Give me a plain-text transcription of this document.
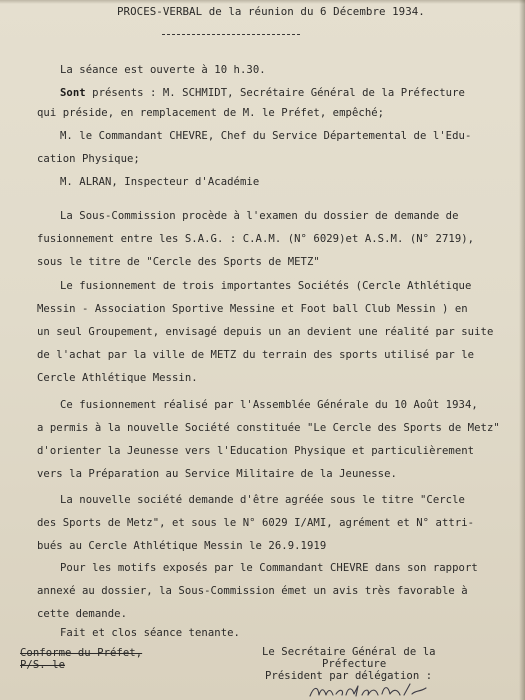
PROCES-VERBAL de la réunion du 6 Décembre 1934.
La séance est ouverte à 10 h.30.
Sont présents : M. SCHMIDT, Secrétaire Général de la Préfecture
qui préside, en remplacement de M. le Préfet, empêché;
M. le Commandant CHEVRE, Chef du Service Départemental de l'Edu-
cation Physique;
M. ALRAN, Inspecteur d'Académie
La Sous-Commission procède à l'examen du dossier de demande de
fusionnement entre les S.A.G. : C.A.M. (N° 6029)et A.S.M. (N° 2719),
sous le titre de "Cercle des Sports de METZ"
Le fusionnement de trois importantes Sociétés (Cercle Athlétique
Messin - Association Sportive Messine et Foot ball Club Messin ) en
un seul Groupement, envisagé depuis un an devient une réalité par suite
de l'achat par la ville de METZ du terrain des sports utilisé par le
Cercle Athlétique Messin.
Ce fusionnement réalisé par l'Assemblée Générale du 10 Août 1934,
a permis à la nouvelle Société constituée "Le Cercle des Sports de Metz"
d'orienter la Jeunesse vers l'Education Physique et particulièrement
vers la Préparation au Service Militaire de la Jeunesse.
La nouvelle société demande d'être agréée sous le titre "Cercle
des Sports de Metz", et sous le N° 6029 I/AMI, agrément et N° attri-
bués au Cercle Athlétique Messin le 26.9.1919
Pour les motifs exposés par le Commandant CHEVRE dans son rapport
annexé au dossier, la Sous-Commission émet un avis très favorable à
cette demande.
Fait et clos séance tenante.
Conforme du Préfet,
P/S. le
Le Secrétaire Général de la
Préfecture
Président par délégation :
